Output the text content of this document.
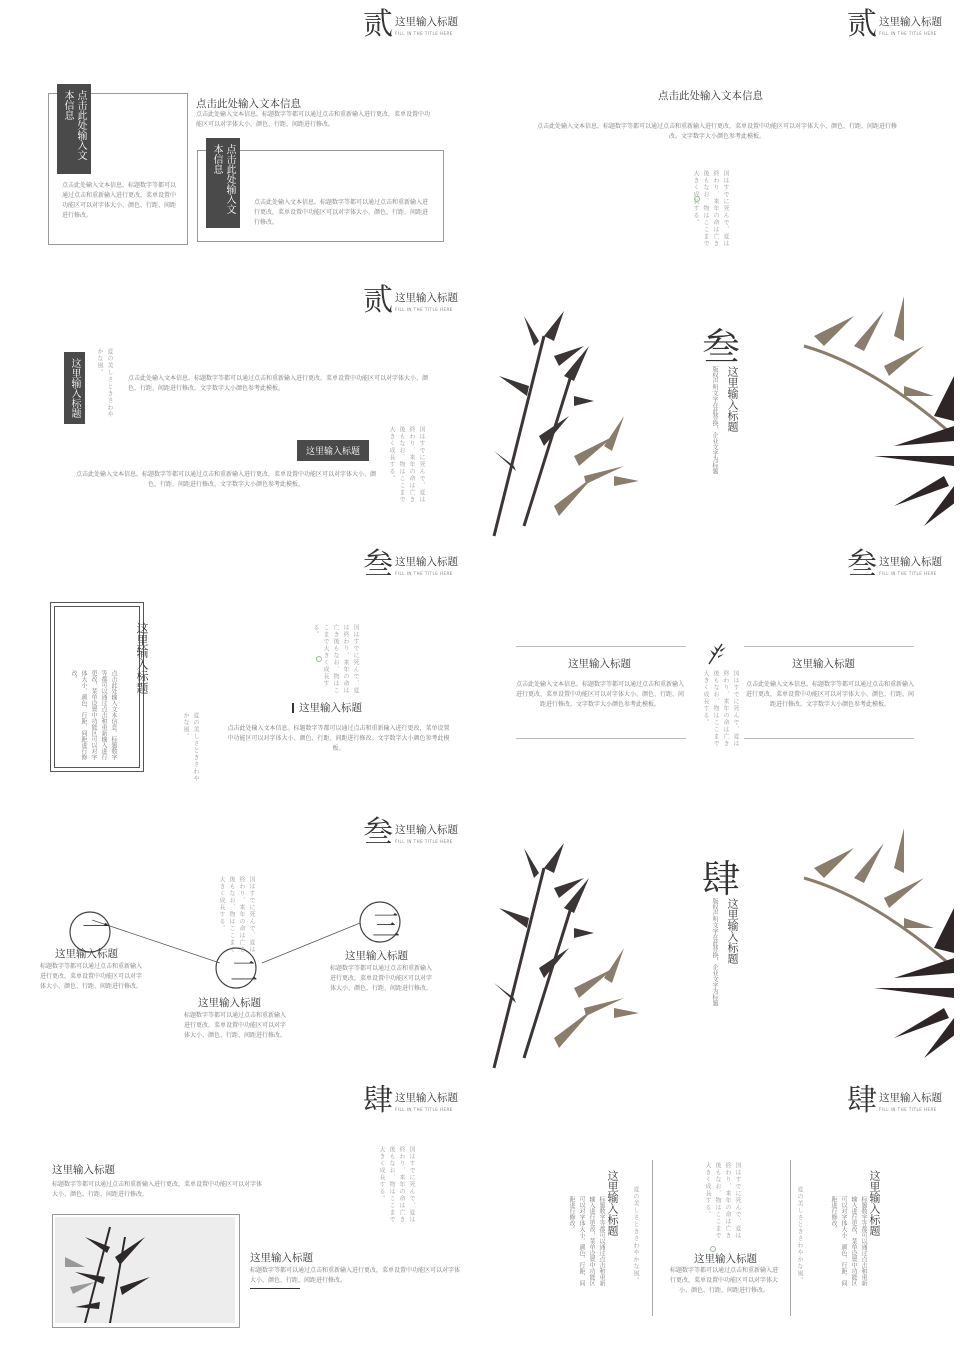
贰 这里输入标题
FILL IN THE TITLE HERE
点击此处输入文本信息
点击此处输入文本信息
点击此处输入文本信息
点击此处输入文本信息。标题数字等都可以通过点击和重新输入进行更改，菜单设置中功能区可以对字体大小、颜色、行距、间距进行修改。
点击此处输入文本信息。标题数字等都可以通过点击和重新输入进行更改，菜单设置中功能区可以对字体大小、颜色、行距、间距进行修改。
点击此处输入文本信息。标题数字等都可以通过点击和重新输入进行更改，菜单设置中功能区可以对字体大小、颜色、行距、间距进行修改。
贰 这里输入标题
FILL IN THE TITLE HERE
点击此处输入文本信息
点击此处输入文本信息。标题数字等都可以通过点击和重新输入进行更改，菜单设置中功能区可以对字体大小、颜色、行距、间距进行修改。文字数字大小颜色参考此模板。
国はすでに死んで、夏は終わり、来年の命は亡き後もなお、物はここまで大きく成長する。
贰 这里输入标题
FILL IN THE TITLE HERE
这里输入标题	夏の美しさときさわやかな風。
点击此处输入文本信息。标题数字等都可以通过点击和重新输入进行更改，菜单设置中功能区可以对字体大小、颜色、行距、间距进行修改。文字数字大小颜色参考此模板。
这里输入标题
点击此处输入文本信息。标题数字等都可以通过点击和重新输入进行更改，菜单设置中功能区可以对字体大小、颜色、行距、间距进行修改。文字数字大小颜色参考此模板。	国はすでに死んで、夏は終わり、来年の命は亡き後もなお、物はここまで大きく成長する。
叁
这里输入标题
版权声明文字在此替换，企业文字为标题
叁 这里输入标题
FILL IN THE TITLE HERE
这里输入标题
点击此处输入文本信息。标题数字等都可以通过点击和重新输入进行更改，菜单设置中功能区可以对字体大小、颜色、行距、间距进行修改。
夏の美しさときさわやかな風。
国はすでに死んで、夏は終わり、来年の命は亡き後もなお、物はここまで大きく成長する。
这里输入标题
点击此处输入文本信息。标题数字等都可以通过点击和重新输入进行更改，菜单设置中功能区可以对字体大小、颜色、行距、间距进行修改。文字数字大小颜色参考此模板。
叁 这里输入标题
FILL IN THE TITLE HERE
这里输入标题
点击此处输入文本信息。标题数字等都可以通过点击和重新输入进行更改，菜单设置中功能区可以对字体大小、颜色、行距、间距进行修改。文字数字大小颜色参考此模板。
这里输入标题
点击此处输入文本信息。标题数字等都可以通过点击和重新输入进行更改，菜单设置中功能区可以对字体大小、颜色、行距、间距进行修改。文字数字大小颜色参考此模板。
国はすでに死んで、夏は終わり、来年の命は亡き後もなお、物はここまで大きく成長する。
叁 这里输入标题
FILL IN THE TITLE HERE
一
二
三
这里输入标题
标题数字等都可以通过点击和重新输入进行更改，菜单设置中功能区可以对字体大小、颜色、行距、间距进行修改。
这里输入标题
标题数字等都可以通过点击和重新输入进行更改，菜单设置中功能区可以对字体大小、颜色、行距、间距进行修改。
这里输入标题
标题数字等都可以通过点击和重新输入进行更改，菜单设置中功能区可以对字体大小、颜色、行距、间距进行修改。
国はすでに死んで、夏は終わり、来年の命は亡き後もなお、物はここまで大きく成長する。	肆
这里输入标题
版权声明文字在此替换，企业文字为标题
肆 这里输入标题
FILL IN THE TITLE HERE
这里输入标题
标题数字等都可以通过点击和重新输入进行更改，菜单设置中功能区可以对字体大小、颜色、行距、间距进行修改。
这里输入标题
标题数字等都可以通过点击和重新输入进行更改，菜单设置中功能区可以对字体大小、颜色、行距、间距进行修改。
国はすでに死んで、夏は終わり、来年の命は亡き後もなお、物はここまで大きく成長する。
肆 这里输入标题
FILL IN THE TITLE HERE
这里输入标题
标题数字等都可以通过点击和重新输入进行更改，菜单设置中功能区可以对字体大小、颜色、行距、间距进行修改。	夏の美しさときさわやかな風。	国はすでに死んで、夏は終わり、来年の命は亡き後もなお、物はここまで大きく成長する。
这里输入标题
标题数字等都可以通过点击和重新输入进行更改，菜单设置中功能区可以对字体大小、颜色、行距、间距进行修改。
夏の美しさときさわやかな風。	这里输入标题
标题数字等都可以通过点击和重新输入进行更改，菜单设置中功能区可以对字体大小、颜色、行距、间距进行修改。
